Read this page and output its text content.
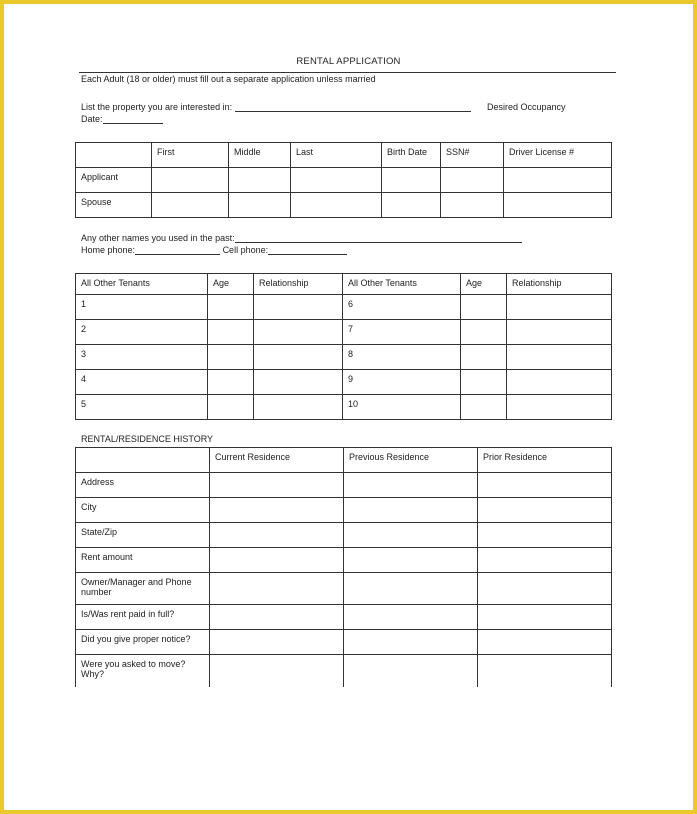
RENTAL APPLICATION
Each Adult (18 or older) must fill out a separate application unless married
List the property you are interested in:	Desired Occupancy
Date:
	First	Middle	Last	Birth Date	SSN#	Driver License #
Applicant						
Spouse						
Any other names you used in the past:
Home phone:	Cell phone:
All Other Tenants	Age	Relationship	All Other Tenants	Age	Relationship
1			6		
2			7		
3			8		
4			9		
5			10		
RENTAL/RESIDENCE HISTORY
	Current Residence	Previous Residence	Prior Residence
Address			
City			
State/Zip			
Rent amount			

Owner/Manager and Phone
number			

Is/Was rent paid in full?			
Did you give proper notice?			

Were you asked to move?
Why?			
